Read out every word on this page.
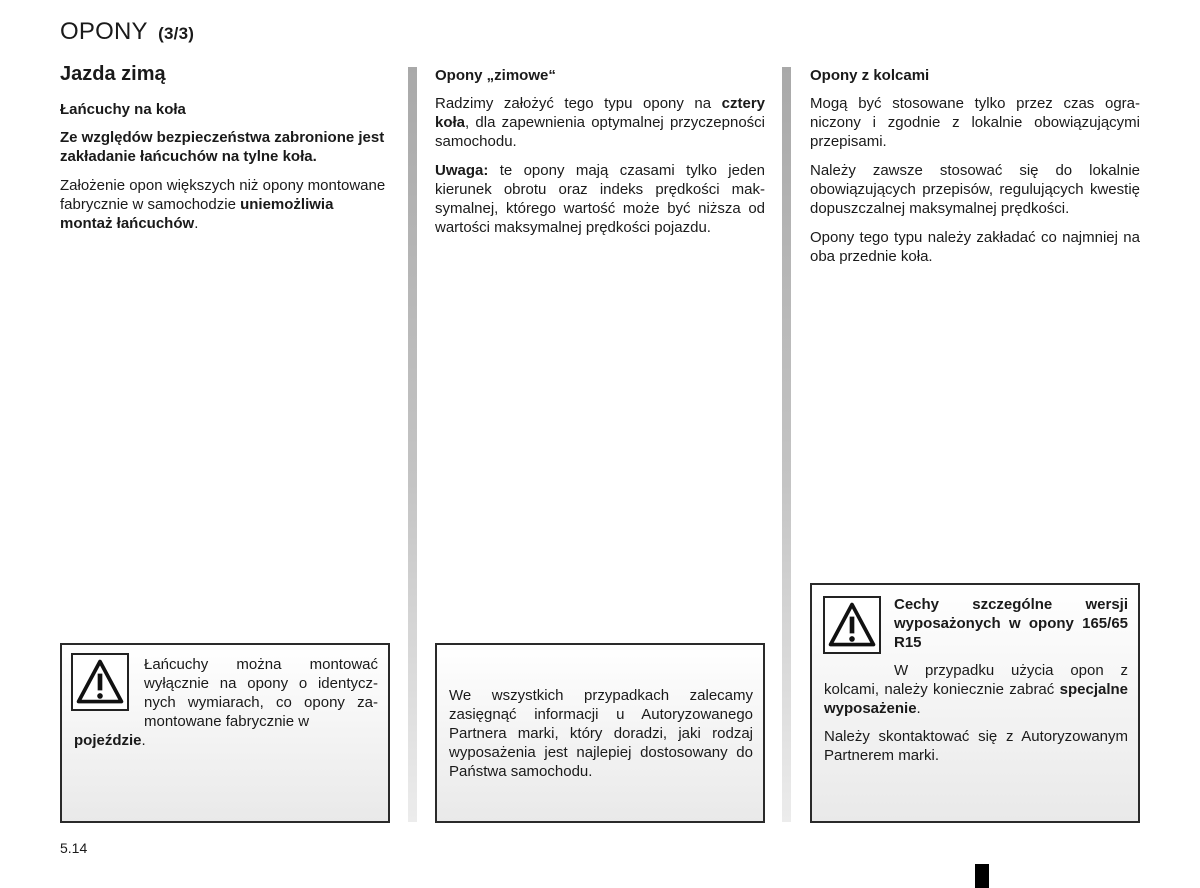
OPONY (3/3)

Jazda zimą

Łańcuchy na koła

Ze względów bezpieczeństwa zabronione jest zakładanie łańcuchów na tylne koła.

Założenie opon większych niż opony montowane fabrycznie w samochodzie uniemożliwia montaż łańcuchów.

Łańcuchy można montować wyłącznie na opony o identycznych wymiarach, co opony zamontowane fabrycznie w
pojeździe.

Opony „zimowe“

Radzimy założyć tego typu opony na cztery koła, dla zapewnienia optymalnej przyczepności samochodu.

Uwaga: te opony mają czasami tylko jeden kierunek obrotu oraz indeks prędkości maksymalnej, którego wartość może być niższa od wartości maksymalnej prędkości pojazdu.

We wszystkich przypadkach zalecamy zasięgnąć informacji u Autoryzowanego Partnera marki, który doradzi, jaki rodzaj wyposażenia jest najlepiej dostosowany do Państwa samochodu.

Opony z kolcami

Mogą być stosowane tylko przez czas ograniczony i zgodnie z lokalnie obowiązującymi przepisami.

Należy zawsze stosować się do lokalnie obowiązujących przepisów, regulujących kwestię dopuszczalnej maksymalnej prędkości.

Opony tego typu należy zakładać co najmniej na oba przednie koła.

Cechy szczególne wersji wyposażonych w opony 165/65 R15
W przypadku użycia opon z kolcami, należy koniecznie zabrać specjalne wyposażenie.
Należy skontaktować się z Autoryzowanym Partnerem marki.
5.14
